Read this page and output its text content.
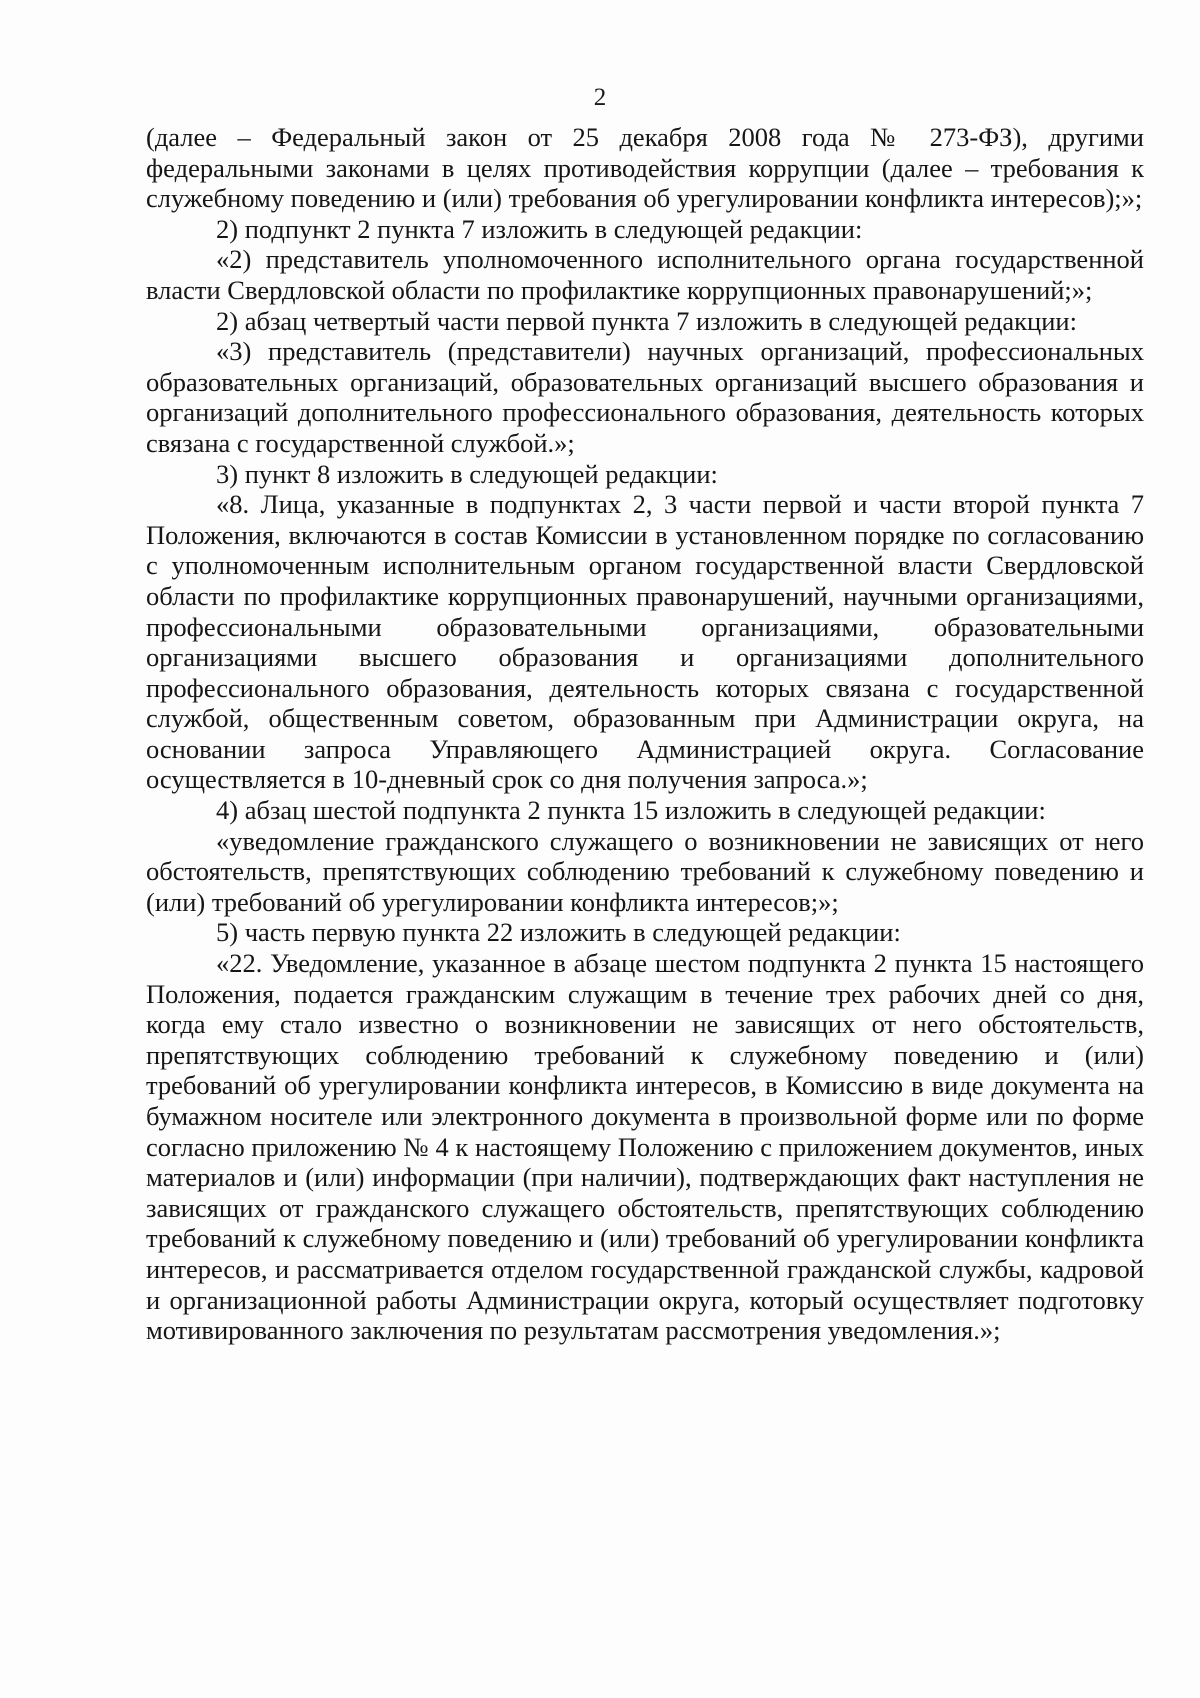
2

(далее – Федеральный закон от 25 декабря 2008 года № 273-ФЗ), другими федеральными законами в целях противодействия коррупции (далее – требования к служебному поведению и (или) требования об урегулировании конфликта интересов);»;

2) подпункт 2 пункта 7 изложить в следующей редакции:

«2) представитель уполномоченного исполнительного органа государственной власти Свердловской области по профилактике коррупционных правонарушений;»;

2) абзац четвертый части первой пункта 7 изложить в следующей редакции:

«3) представитель (представители) научных организаций, профессиональных образовательных организаций, образовательных организаций высшего образования и организаций дополнительного профессионального образования, деятельность которых связана с государственной службой.»;

3) пункт 8 изложить в следующей редакции:

«8. Лица, указанные в подпунктах 2, 3 части первой и части второй пункта 7 Положения, включаются в состав Комиссии в установленном порядке по согласованию с уполномоченным исполнительным органом государственной власти Свердловской области по профилактике коррупционных правонарушений, научными организациями, профессиональными образовательными организациями, образовательными организациями высшего образования и организациями дополнительного профессионального образования, деятельность которых связана с государственной службой, общественным советом, образованным при Администрации округа, на основании запроса Управляющего Администрацией округа. Согласование осуществляется в 10-дневный срок со дня получения запроса.»;

4) абзац шестой подпункта 2 пункта 15 изложить в следующей редакции:

«уведомление гражданского служащего о возникновении не зависящих от него обстоятельств, препятствующих соблюдению требований к служебному поведению и (или) требований об урегулировании конфликта интересов;»;

5) часть первую пункта 22 изложить в следующей редакции:

«22. Уведомление, указанное в абзаце шестом подпункта 2 пункта 15 настоящего Положения, подается гражданским служащим в течение трех рабочих дней со дня, когда ему стало известно о возникновении не зависящих от него обстоятельств, препятствующих соблюдению требований к служебному поведению и (или) требований об урегулировании конфликта интересов, в Комиссию в виде документа на бумажном носителе или электронного документа в произвольной форме или по форме согласно приложению № 4 к настоящему Положению с приложением документов, иных материалов и (или) информации (при наличии), подтверждающих факт наступления не зависящих от гражданского служащего обстоятельств, препятствующих соблюдению требований к служебному поведению и (или) требований об урегулировании конфликта интересов, и рассматривается отделом государственной гражданской службы, кадровой и организационной работы Администрации округа, который осуществляет подготовку мотивированного заключения по результатам рассмотрения уведомления.»;
